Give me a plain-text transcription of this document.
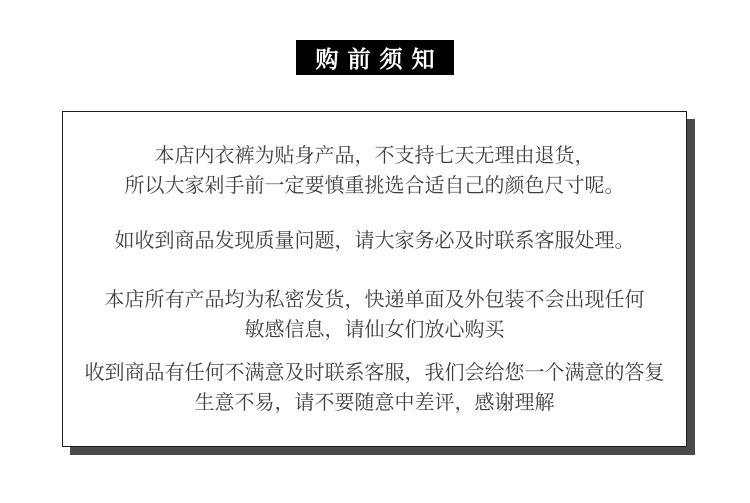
购前须知
本店内衣裤为贴身产品，不支持七天无理由退货，
所以大家剁手前一定要慎重挑选合适自己的颜色尺寸呢。
如收到商品发现质量问题，请大家务必及时联系客服处理。
本店所有产品均为私密发货，快递单面及外包装不会出现任何
敏感信息，请仙女们放心购买
收到商品有任何不满意及时联系客服，我们会给您一个满意的答复
生意不易，请不要随意中差评，感谢理解
